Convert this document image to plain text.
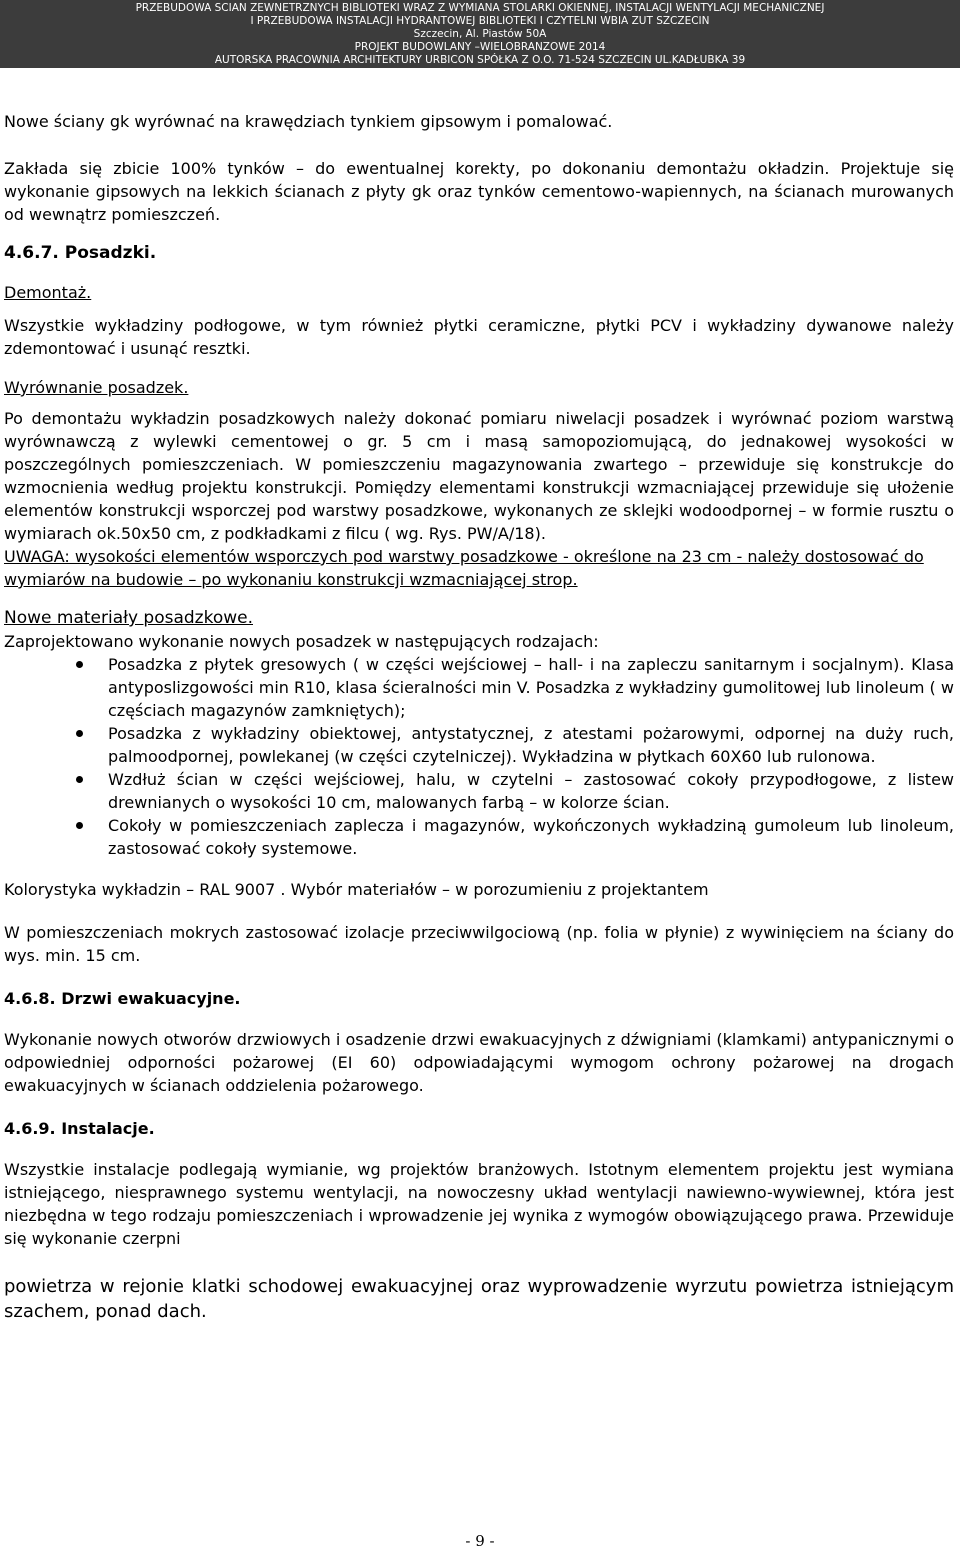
PRZEBUDOWA SCIAN ZEWNETRZNYCH BIBLIOTEKI WRAZ Z WYMIANA STOLARKI OKIENNEJ, INSTALACJI WENTYLACJI MECHANICZNEJ
I PRZEBUDOWA INSTALACJI HYDRANTOWEJ BIBLIOTEKI I CZYTELNI WBIA ZUT SZCZECIN
Szczecin, Al. Piastów 50A
PROJEKT BUDOWLANY –WIELOBRANZOWE 2014
AUTORSKA PRACOWNIA ARCHITEKTURY URBICON SPÓŁKA Z O.O. 71-524 SZCZECIN UL.KADŁUBKA 39

Nowe ściany gk wyrównać na krawędziach tynkiem gipsowym i pomalować.

Zakłada się zbicie 100% tynków – do ewentualnej korekty, po dokonaniu demontażu okładzin. Projektuje się wykonanie gipsowych na lekkich ścianach z płyty gk oraz tynków cementowo-wapiennych, na ścianach murowanych od wewnątrz pomieszczeń.

4.6.7. Posadzki.

Demontaż.

Wszystkie wykładziny podłogowe, w tym również płytki ceramiczne, płytki PCV i wykładziny dywanowe należy zdemontować i usunąć resztki.

Wyrównanie posadzek.

Po demontażu wykładzin posadzkowych należy dokonać pomiaru niwelacji posadzek i wyrównać poziom warstwą wyrównawczą z wylewki cementowej o gr. 5 cm i masą samopoziomującą, do jednakowej wysokości w poszczególnych pomieszczeniach. W pomieszczeniu magazynowania zwartego – przewiduje się konstrukcje do wzmocnienia według projektu konstrukcji. Pomiędzy elementami konstrukcji wzmacniającej przewiduje się ułożenie elementów konstrukcji wsporczej pod warstwy posadzkowe, wykonanych ze sklejki wodoodpornej – w formie rusztu o wymiarach ok.50x50 cm, z podkładkami z filcu ( wg. Rys. PW/A/18).

UWAGA: wysokości elementów wsporczych pod warstwy posadzkowe - określone na 23 cm - należy dostosować do wymiarów na budowie – po wykonaniu konstrukcji wzmacniającej strop.

Nowe materiały posadzkowe.

Zaprojektowano wykonanie nowych posadzek w następujących rodzajach:

Posadzka z płytek gresowych ( w części wejściowej – hall- i na zapleczu sanitarnym i socjalnym). Klasa antyposlizgowości min R10, klasa ścieralności min V. Posadzka z wykładziny gumolitowej lub linoleum ( w częściach magazynów zamkniętych);
Posadzka z wykładziny obiektowej, antystatycznej, z atestami pożarowymi, odpornej na duży ruch, palmoodpornej, powlekanej (w części czytelniczej). Wykładzina w płytkach 60X60 lub rulonowa.
Wzdłuż ścian w części wejściowej, halu, w czytelni – zastosować cokoły przypodłogowe, z listew drewnianych o wysokości 10 cm, malowanych farbą – w kolorze ścian.
Cokoły w pomieszczeniach zaplecza i magazynów, wykończonych wykładziną gumoleum lub linoleum, zastosować cokoły systemowe.

Kolorystyka wykładzin – RAL 9007 . Wybór materiałów – w porozumieniu z projektantem

W pomieszczeniach mokrych zastosować izolacje przeciwwilgociową (np. folia w płynie) z wywinięciem na ściany do wys. min. 15 cm.

4.6.8. Drzwi ewakuacyjne.

Wykonanie nowych otworów drzwiowych i osadzenie drzwi ewakuacyjnych z dźwigniami (klamkami) antypanicznymi o odpowiedniej odporności pożarowej (EI 60) odpowiadającymi wymogom ochrony pożarowej na drogach ewakuacyjnych w ścianach oddzielenia pożarowego.

4.6.9. Instalacje.

Wszystkie instalacje podlegają wymianie, wg projektów branżowych. Istotnym elementem projektu jest wymiana istniejącego, niesprawnego systemu wentylacji, na nowoczesny układ wentylacji nawiewno-wywiewnej, która jest niezbędna w tego rodzaju pomieszczeniach i wprowadzenie jej wynika z wymogów obowiązującego prawa. Przewiduje się wykonanie czerpni

powietrza w rejonie klatki schodowej ewakuacyjnej oraz wyprowadzenie wyrzutu powietrza istniejącym szachem, ponad dach.

- 9 -
